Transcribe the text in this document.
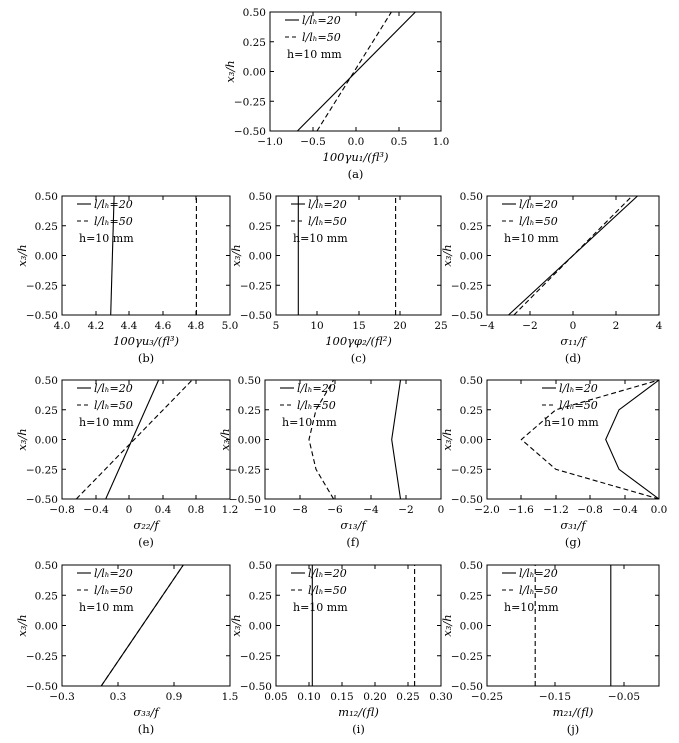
0.50
0.25
0.00
−0.25
−0.50
−1.0 −0.5 0.0	0.5 1.0
100γu₁/(fl³)
x₃/h
(a)
l/lₕ=20
l/lₕ=50
h=10 mm
0.50
0.25
0.00
−0.25
−0.50
4.0 4.2 4.4 4.6 4.8 5.0
100γu₃/(fl³)
x₃/h
(b)
l/lₕ=20
l/lₕ=50
h=10 mm
0.50
0.25
0.00
−0.25
−0.50
5	10	15	20	25
100γφ₂/(fl²)
x₃/h
(c)
l/lₕ=20
l/lₕ=50
h=10 mm
0.50
0.25
0.00
−0.25
−0.50
−4	−2	0	2	4
σ₁₁/f
x₃/h
(d)
l/lₕ=20
l/lₕ=50
h=10 mm
0.50
0.25
0.00
−0.25
−0.50
−0.8 −0.4 0 0.4 0.8 1.2
σ₂₂/f
x₃/h
(e)
l/lₕ=20
l/lₕ=50
h=10 mm
0.50
0.25
0.00
−0.25
−0.50
−10 −8 −6 −4 −2 0
σ₁₃/f
x₃/h
(f)
l/lₕ=20
l/lₕ=50
h=10 mm
0.50
0.25
0.00
−0.25
−0.50
−2.0 −1.6 −1.2 −0.8 −0.4 0.0
σ₃₁/f
x₃/h
(g)
l/lₕ=20
l/lₕ=50
h=10 mm
0.50
0.25
0.00
−0.25
−0.50
−0.3	0.3	0.9	1.5
σ₃₃/f
x₃/h
(h)
l/lₕ=20
l/lₕ=50
h=10 mm
0.50
0.25
0.00
−0.25
−0.50
0.05 0.10 0.15 0.20 0.25 0.30
m₁₂/(fl)
x₃/h
(i)
l/lₕ=20
l/lₕ=50
h=10 mm
0.50
0.25
0.00
−0.25
−0.50
−0.25	−0.15	−0.05
m₂₁/(fl)
x₃/h
(j)
l/lₕ=20
l/lₕ=50
h=10 mm
